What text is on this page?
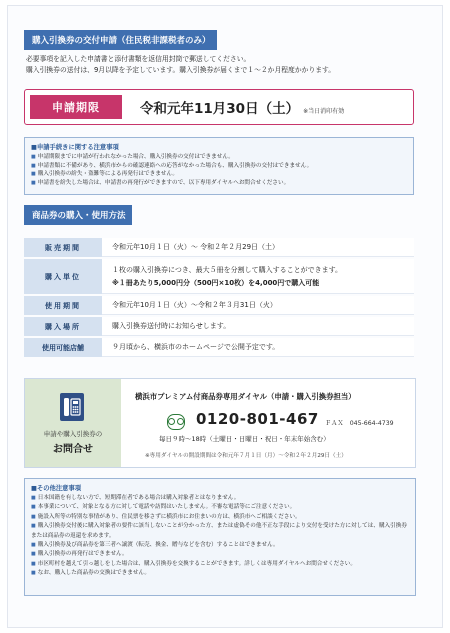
購入引換券の交付申請（住民税非課税者のみ）
必要事項を記入した申請書と添付書類を返信用封筒で郵送してください。
購入引換券の送付は、9月以降を予定しています。購入引換券が届くまで１～２か月程度かかります。
申請期限	令和元年11月30日（土） ※当日消印有効
■申請手続きに関する注意事項
■ 申請期限までに申請が行われなかった場合、購入引換券の交付はできません。
■ 申請書類に不備があり、横浜市からの確認連絡への応答がなかった場合も、購入引換券の交付はできません。
■ 購入引換券の紛失・盗難等による再発行はできません。
■ 申請書を紛失した場合は、申請書の再発行ができますので、以下専用ダイヤルへお問合せください。
商品券の購入・使用方法
販売期間	令和元年10月１日（火）～ 令和２年２月29日（土）
購入単位	１枚の購入引換券につき、最大５冊を分割して購入することができます。
※１冊あたり5,000円分（500円×10枚）を4,000円で購入可能

使用期間	令和元年10月１日（火）～令和２年３月31日（火）
購入場所	購入引換券送付時にお知らせします。
使用可能店舗	９月頃から、横浜市のホームページで公開予定です。
申請や購入引換券の
お問合せ
横浜市プレミアム付商品券専用ダイヤル（申請・購入引換券担当）
0120-801-467 ＦＡＸ　045-664-4739
毎日９時～18時（土曜日・日曜日・祝日・年末年始含む）
※専用ダイヤルの開設期間は令和元年７月１日（月）～令和２年２月29日（土）
■その他注意事項
■ 日本国籍を有しない方で、短期滞在者である場合は購入対象者とはなりません。
■ 本事業について、対象となる方に対して電話や訪問はいたしません。不審な電話等にご注意ください。
■ 施設入所等の特別な事情があり、住民票を移さずに横浜市にお住まいの方は、横浜市へご相談ください。
■ 購入引換券交付後に購入対象者の要件に該当しないことが分かった方、または虚偽その他不正な手段により交付を受けた方に対しては、購入引換券または商品券の返還を求めます。
■ 購入引換券及び商品券を第三者へ譲渡（転売、換金、贈与などを含む）することはできません。
■ 購入引換券の再発行はできません。
■ 市区町村を越えて引っ越しをした場合は、購入引換券を交換することができます。詳しくは専用ダイヤルへお問合せください。
■ なお、購入した商品券の交換はできません。
